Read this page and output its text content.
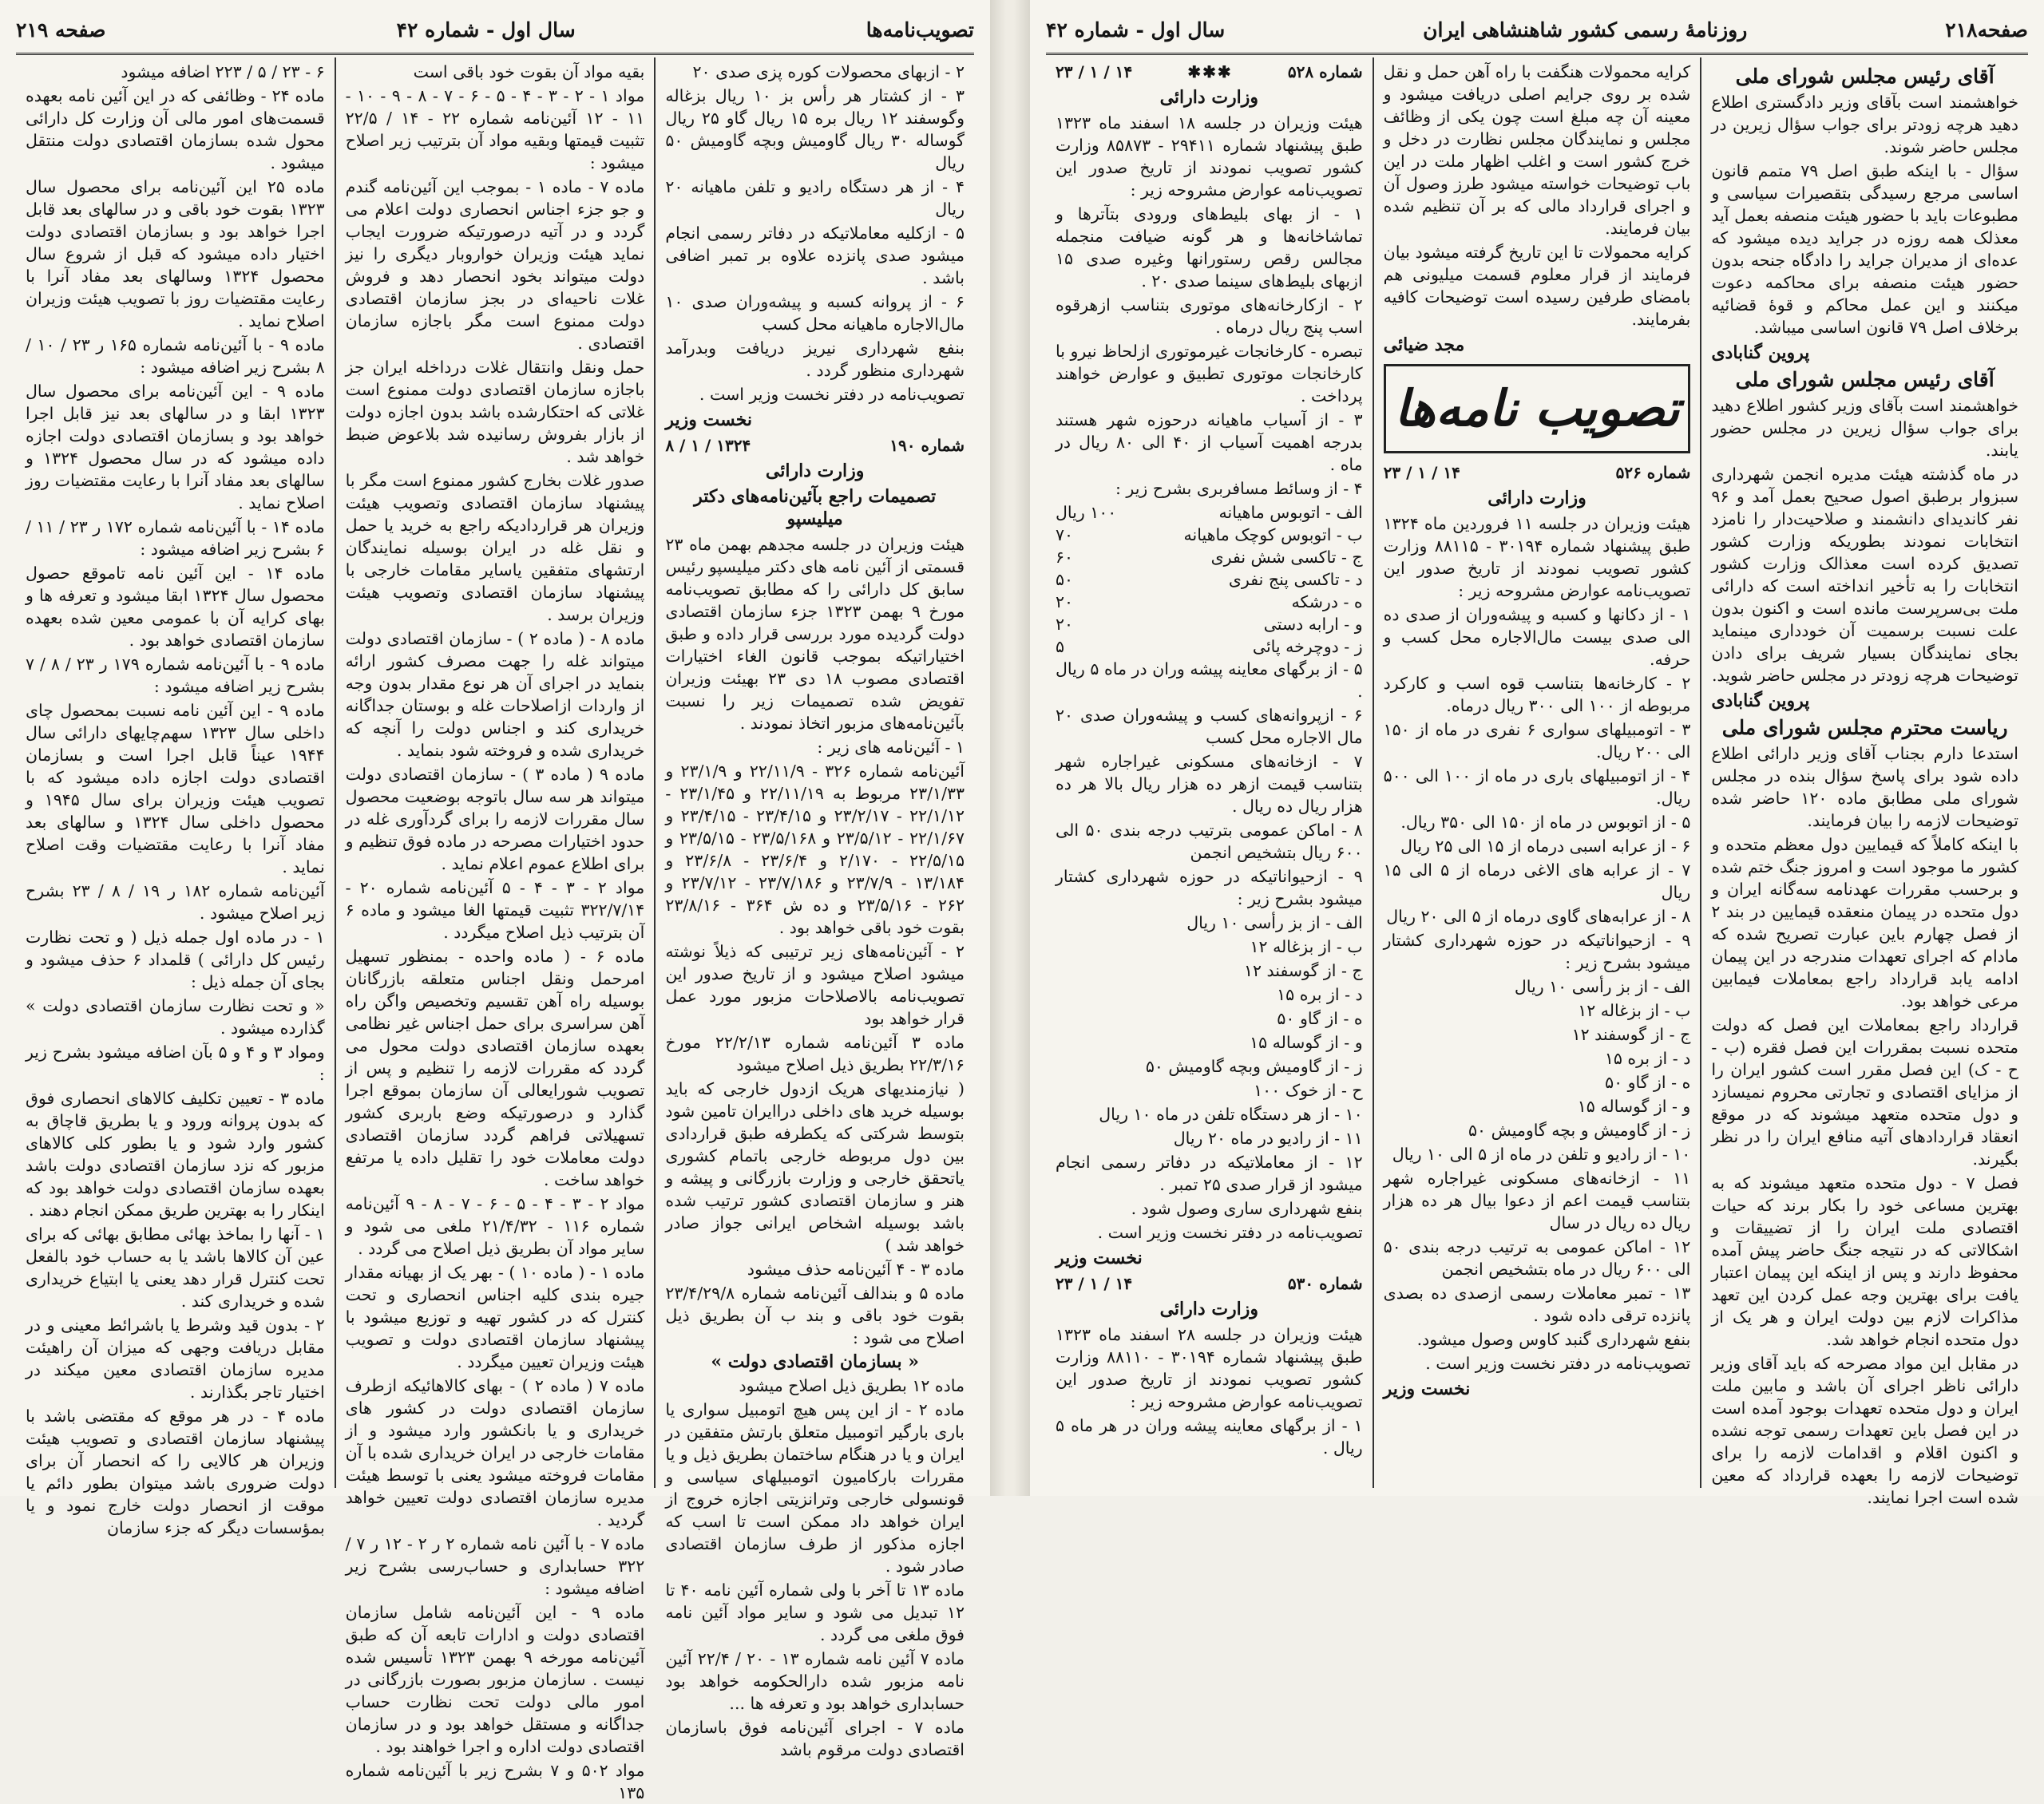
صفحه۲۱۸
روزنامهٔ رسمی کشور شاهنشاهی ایران
سال اول - شماره ۴۲
آقای رئیس مجلس شورای ملی

خواهشمند است بآقای وزیر دادگستری اطلاع دهید هرچه زودتر برای جواب سؤال زیرین در مجلس حاضر شوند.

سؤال - با اینکه طبق اصل ۷۹ متمم قانون اساسی مرجع رسیدگی بتقصیرات سیاسی و مطبوعات باید با حضور هیئت منصفه بعمل آید معذلک همه روزه در جراید دیده میشود که عده‌ای از مدیران جراید را دادگاه جنحه بدون حضور هیئت منصفه برای محاکمه دعوت میکنند و این عمل محاکم و قوهٔ قضائیه برخلاف اصل ۷۹ قانون اساسی میباشد.

پروین گنابادی
آقای رئیس مجلس شورای ملی

خواهشمند است بآقای وزیر کشور اطلاع دهید برای جواب سؤال زیرین در مجلس حضور یابند.

در ماه گذشته هیئت مدیره انجمن شهرداری سبزوار برطبق اصول صحیح بعمل آمد و ۹۶ نفر کاندیدای دانشمند و صلاحیت‌دار را نامزد انتخابات نمودند بطوریکه وزارت کشور تصدیق کرده است معذالک وزارت کشور انتخابات را به تأخیر انداخته است که دارائی ملت بی‌سرپرست مانده است و اکنون بدون علت نسبت برسمیت آن خودداری مینماید بجای نمایندگان بسیار شریف برای دادن توضیحات هرچه زودتر در مجلس حاضر شوید.

پروین گنابادی
ریاست محترم مجلس شورای ملی

استدعا دارم بجناب آقای وزیر دارائی اطلاع داده شود برای پاسخ سؤال بنده در مجلس شورای ملی مطابق ماده ۱۲۰ حاضر شده توضیحات لازمه را بیان فرمایند.

با اینکه کاملاً که قیمایین دول معظم متحده و کشور ما موجود است و امروز جنگ ختم شده و برحسب مقررات عهدنامه سه‌گانه ایران و دول متحده در پیمان منعقده قیمایین در بند ۲ از فصل چهارم باین عبارت تصریح شده که مادام که اجرای تعهدات مندرجه در این پیمان ادامه یابد قرارداد راجع بمعاملات فیمابین مرعی خواهد بود.

قرارداد راجع بمعاملات این فصل که دولت متحده نسبت بمقررات این فصل فقره (ب - ح - ک) این فصل مقرر است کشور ایران را از مزایای اقتصادی و تجارتی محروم نمیسازد و دول متحده متعهد میشوند که در موقع انعقاد قراردادهای آتیه منافع ایران را در نظر بگیرند.

فصل ۷ - دول متحده متعهد میشوند که به بهترین مساعی خود را بکار برند که حیات اقتصادی ملت ایران را از تضییقات و اشکالاتی که در نتیجه جنگ حاضر پیش آمده محفوظ دارند و پس از اینکه این پیمان اعتبار یافت برای بهترین وجه عمل کردن این تعهد مذاکرات لازم بین دولت ایران و هر یک از دول متحده انجام خواهد شد.

در مقابل این مواد مصرحه که باید آقای وزیر دارائی ناظر اجرای آن باشد و مابین ملت ایران و دول متحده تعهدات بوجود آمده است در این فصل باین تعهدات رسمی توجه نشده و اکنون اقلام و اقدامات لازمه را برای توضیحات لازمه را بعهده قرارداد که معین شده است اجرا نمایند.

کرایه محمولات هنگفت با راه آهن حمل و نقل شده بر روی جرایم اصلی دریافت میشود و معینه آن چه مبلغ است چون یکی از وظائف مجلس و نمایندگان مجلس نظارت در دخل و خرج کشور است و اغلب اظهار ملت در این باب توضیحات خواسته میشود طرز وصول آن و اجرای قرارداد مالی که بر آن تنظیم شده بیان فرمایند.

کرایه محمولات تا این تاریخ گرفته میشود بیان فرمایند از قرار معلوم قسمت میلیونی هم بامضای طرفین رسیده است توضیحات کافیه بفرمایند.

مجد ضیائی
تصویب نامه‌ها
شماره ۵۲۶
۱۴ / ۱ / ۲۳
وزارت دارائی

هیئت وزیران در جلسه ۱۱ فروردین ماه ۱۳۲۴ طبق پیشنهاد شماره ۳۰۱۹۴ - ۸۸۱۱۵ وزارت کشور تصویب نمودند از تاریخ صدور این تصویب‌نامه عوارض مشروحه زیر :

۱ - از دکانها و کسبه و پیشه‌وران از صدی ده الی صدی بیست مال‌الاجاره محل کسب و حرفه.

۲ - کارخانه‌ها بتناسب قوه اسب و کارکرد مربوطه از ۱۰۰ الی ۳۰۰ ریال درماه.

۳ - اتومبیلهای سواری ۶ نفری در ماه از ۱۵۰ الی ۲۰۰ ریال.

۴ - از اتومبیلهای باری در ماه از ۱۰۰ الی ۵۰۰ ریال.

۵ - از اتوبوس در ماه از ۱۵۰ الی ۳۵۰ ریال.

۶ - از عرابه اسبی درماه از ۱۵ الی ۲۵ ریال

۷ - از عرابه های الاغی درماه از ۵ الی ۱۵ ریال

۸ - از عرابه‌های گاوی درماه از ۵ الی ۲۰ ریال

۹ - ازحیواناتیکه در حوزه شهرداری کشتار میشود بشرح زیر :

الف - از بز رأسی ۱۰ ریال

ب - از بزغاله ۱۲

ج - از گوسفند ۱۲

د - از بره ۱۵

ه - از گاو ۵۰

و - از گوساله ۱۵

ز - از گاومیش و بچه گاومیش ۵۰

۱۰ - از رادیو و تلفن در ماه از ۵ الی ۱۰ ریال

۱۱ - ازخانه‌های مسکونی غیراجاره شهر بتناسب قیمت اعم از دعوا بیال هر ده هزار ریال ده ریال در سال

۱۲ - اماکن عمومی به ترتیب درجه بندی ۵۰ الی ۶۰۰ ریال در ماه بتشخیص انجمن

۱۳ - تمبر معاملات رسمی ازصدی ده بصدی پانزده ترقی داده شود .

بنفع شهرداری گنبد کاوس وصول میشود.

تصویب‌نامه در دفتر نخست وزیر است .

نخست وزیر
شماره ۵۲۸
✱✱✱
۱۴ / ۱ / ۲۳
وزارت دارائی

هیئت وزیران در جلسه ۱۸ اسفند ماه ۱۳۲۳ طبق پیشنهاد شماره ۲۹۴۱۱ - ۸۵۸۷۳ وزارت کشور تصویب نمودند از تاریخ صدور این تصویب‌نامه عوارض مشروحه زیر :

۱ - از بهای بلیط‌های ورودی بتآترها و تماشاخانه‌ها و هر گونه ضیافت منجمله مجالس رقص رستورانها وغیره صدی ۱۵ ازبهای بلیط‌های سینما صدی ۲۰ .

۲ - ازکارخانه‌های موتوری بتناسب ازهرقوه اسب پنج ریال درماه .

تبصره - کارخانجات غیرموتوری ازلحاظ نیرو با کارخانجات موتوری تطبیق و عوارض خواهند پرداخت .

۳ - از آسیاب ماهیانه درحوزه شهر هستند بدرجه اهمیت آسیاب از ۴۰ الی ۸۰ ریال در ماه .

۴ - از وسائط مسافربری بشرح زیر :

الف - اتوبوس ماهیانه
۱۰۰ ریال
ب - اتوبوس کوچک ماهیانه
۷۰
ج - تاکسی شش نفری
۶۰
د - تاکسی پنج نفری
۵۰
ه - درشکه
۲۰
و - ارابه دستی
۲۰
ز - دوچرخه پائی
۵

۵ - از برگهای معاینه پیشه وران در ماه ۵ ریال .

۶ - ازپروانه‌های کسب و پیشه‌وران صدی ۲۰ مال الاجاره محل کسب

۷ - ازخانه‌های مسکونی غیراجاره شهر بتناسب قیمت ازهر ده هزار ریال بالا هر ده هزار ریال ده ریال .

۸ - اماکن عمومی بترتیب درجه بندی ۵۰ الی ۶۰۰ ریال بتشخیص انجمن

۹ - ازحیواناتیکه در حوزه شهرداری کشتار میشود بشرح زیر :

الف - از بز رأسی ۱۰ ریال

ب - از بزغاله ۱۲

ج - از گوسفند ۱۲

د - از بره ۱۵

ه - از گاو ۵۰

و - از گوساله ۱۵

ز - از گاومیش وبچه گاومیش ۵۰

ح - از خوک ۱۰۰

۱۰ - از هر دستگاه تلفن در ماه ۱۰ ریال

۱۱ - از رادیو در ماه ۲۰ ریال

۱۲ - از معاملاتیکه در دفاتر رسمی انجام میشود از قرار صدی ۲۵ تمبر .

بنفع شهرداری ساری وصول شود .

تصویب‌نامه در دفتر نخست وزیر است .

نخست وزیر
شماره ۵۳۰
۱۴ / ۱ / ۲۳
وزارت دارائی

هیئت وزیران در جلسه ۲۸ اسفند ماه ۱۳۲۳ طبق پیشنهاد شماره ۳۰۱۹۴ - ۸۸۱۱۰ وزارت کشور تصویب نمودند از تاریخ صدور این تصویب‌نامه عوارض مشروحه زیر :

۱ - از برگهای معاینه پیشه وران در هر ماه ۵ ریال .

تصویب‌نامه‌ها
سال اول - شماره ۴۲
صفحه ۲۱۹

۲ - ازبهای محصولات کوره پزی صدی ۲۰

۳ - از کشتار هر رأس بز ۱۰ ریال بزغاله وگوسفند ۱۲ ریال بره ۱۵ ریال گاو ۲۵ ریال گوساله ۳۰ ریال گاومیش وبچه گاومیش ۵۰ ریال

۴ - از هر دستگاه رادیو و تلفن ماهیانه ۲۰ ریال

۵ - ازکلیه معاملاتیکه در دفاتر رسمی انجام میشود صدی پانزده علاوه بر تمبر اضافی باشد .

۶ - از پروانه کسبه و پیشه‌وران صدی ۱۰ مال‌الاجاره ماهیانه محل کسب

بنفع شهرداری نیریز دریافت وبدرآمد شهرداری منظور گردد .

تصویب‌نامه در دفتر نخست وزیر است .

نخست وزیر
شماره ۱۹۰
۱۳۲۴ / ۱ / ۸
وزارت دارائی
تصمیمات راجع بآئین‌نامه‌های دکتر میلیسپو

هیئت وزیران در جلسه مجدهم بهمن ماه ۲۳ قسمتی از آئین نامه های دکتر میلیسپو رئیس سابق کل دارائی را که مطابق تصویب‌نامه مورخ ۹ بهمن ۱۳۲۳ جزء سازمان اقتصادی دولت گردیده مورد بررسی قرار داده و طبق اختیاراتیکه بموجب قانون الغاء اختیارات اقتصادی مصوب ۱۸ دی ۲۳ بهیئت وزیران تفویض شده تصمیمات زیر را نسبت بآئین‌نامه‌های مزبور اتخاذ نمودند .

۱ - آئین‌نامه های زیر :

آئین‌نامه شماره ۳۲۶ - ۲۲/۱۱/۹ و ۲۳/۱/۹ و ۲۳/۱/۳۳ مربوط به ۲۲/۱۱/۱۹ و ۲۳/۱/۴۵ - ۲۲/۱/۱۲ - ۲۳/۲/۱۷ و ۲۳/۴/۱۵ - ۲۳/۴/۱۵ و ۲۲/۱/۶۷ - ۲۳/۵/۱۲ و ۲۳/۵/۱۶۸ - ۲۳/۵/۱۵ و ۲۲/۵/۱۵ - ۲/۱۷۰ و ۲۳/۶/۴ - ۲۳/۶/۸ و ۱۳/۱۸۴ - ۲۳/۷/۹ و ۲۳/۷/۱۸۶ - ۲۳/۷/۱۲ و ۲۶۲ - ۲۳/۵/۱۶ و ده ش ۳۶۴ - ۲۳/۸/۱۶ بقوت خود باقی خواهد بود .

۲ - آئین‌نامه‌های زیر ترتیبی که ذیلاً نوشته میشود اصلاح میشود و از تاریخ صدور این تصویب‌نامه بالاصلاحات مزبور مورد عمل قرار خواهد بود

ماده ۳ آئین‌نامه شماره ۲۲/۲/۱۳ مورخ ۲۲/۳/۱۶ بطریق ذیل اصلاح میشود

( نیازمندیهای هریک ازدول خارجی که باید بوسیله خرید های داخلی دراایران تامین شود بتوسط شرکتی که یکطرفه طبق قراردادی بین دول مربوطه خارجی باتمام کشوری یاتحقق خارجی و وزارت بازرگانی و پیشه و هنر و سازمان اقتصادی کشور ترتیب شده باشد بوسیله اشخاص ایرانی جواز صادر خواهد شد )

ماده ۳ - ۴ آئین‌نامه حذف میشود

ماده ۵ و بندالف آئین‌نامه شماره ۲۳/۴/۲۹/۸ بقوت خود باقی و بند ب آن بطریق ذیل اصلاح می شود :

« بسازمان اقتصادی دولت »

ماده ۱۲ بطریق ذیل اصلاح میشود

ماده ۲ - از این پس هیچ اتومبیل سواری یا باری بارگیر اتومبیل متعلق بارتش متفقین در ایران و یا در هنگام ساختمان بطریق ذیل و یا مقررات بارکامیون اتومبیلهای سیاسی و قونسولی خارجی وترانزیتی اجازه خروج از ایران خواهد داد ممکن است تا اسب که اجازه مذکور از طرف سازمان اقتصادی صادر شود .

ماده ۱۳ تا آخر با ولی شماره آئین نامه ۴۰ تا ۱۲ تبدیل می شود و سایر مواد آئین نامه فوق ملغی می گردد .

ماده ۷ آئین نامه شماره ۱۳ - ۲۰ / ۲۲/۴ آئین نامه مزبور شده دارالحکومه خواهد بود حسابداری خواهد بود و تعرفه ها ...

ماده ۷ - اجرای آئین‌نامه فوق باسازمان اقتصادی دولت مرقوم باشد

بقیه مواد آن بقوت خود باقی است

مواد ۱ - ۲ - ۳ - ۴ - ۵ - ۶ - ۷ - ۸ - ۹ - ۱۰ - ۱۱ - ۱۲ آئین‌نامه شماره ۲۲ - ۱۴ / ۲۲/۵ تثبیت قیمتها وبقیه مواد آن بترتیب زیر اصلاح میشود :

ماده ۷ - ماده ۱ - بموجب این آئین‌نامه گندم و جو جزء اجناس انحصاری دولت اعلام می گردد و در آتیه درصورتیکه ضرورت ایجاب نماید هیئت وزیران خواروبار دیگری را نیز دولت میتواند بخود انحصار دهد و فروش غلات ناحیه‌ای در بجز سازمان اقتصادی دولت ممنوع است مگر باجازه سازمان اقتصادی .

حمل ونقل وانتقال غلات درداخله ایران جز باجازه سازمان اقتصادی دولت ممنوع است غلاتی که احتکارشده باشد بدون اجازه دولت از بازار بفروش رسانیده شد بلاعوض ضبط خواهد شد .

صدور غلات بخارج کشور ممنوع است مگر با پیشنهاد سازمان اقتصادی وتصویب هیئت وزیران هر قراردادیکه راجع به خرید یا حمل و نقل غله در ایران بوسیله نمایندگان ارتشهای متفقین یاسایر مقامات خارجی با پیشنهاد سازمان اقتصادی وتصویب هیئت وزیران برسد .

ماده ۸ - ( ماده ۲ ) - سازمان اقتصادی دولت میتواند غله را جهت مصرف کشور ارائه بنماید در اجرای آن هر نوع مقدار بدون وجه از واردات ازاصلاحات غله و بوستان جداگانه خریداری کند و اجناس دولت را آنچه که خریداری شده و فروخته شود بنماید .

ماده ۹ ( ماده ۳ ) - سازمان اقتصادی دولت میتواند هر سه سال باتوجه بوضعیت محصول سال مقررات لازمه را برای گردآوری غله در حدود اختیارات مصرحه در ماده فوق تنظیم و برای اطلاع عموم اعلام نماید .

مواد ۲ - ۳ - ۴ - ۵ آئین‌نامه شماره ۲۰ - ۳۲۲/۷/۱۴ تثبیت قیمتها الغا میشود و ماده ۶ آن بترتیب ذیل اصلاح میگردد .

ماده ۶ - ( ماده واحده - بمنظور تسهیل امرحمل ونقل اجناس متعلقه بازرگانان بوسیله راه آهن تقسیم وتخصیص واگن راه آهن سراسری برای حمل اجناس غیر نظامی بعهده سازمان اقتصادی دولت محول می گردد که مقررات لازمه را تنظیم و پس از تصویب شورایعالی آن سازمان بموقع اجرا گذارد و درصورتیکه وضع باربری کشور تسهیلاتی فراهم گردد سازمان اقتصادی دولت معاملات خود را تقلیل داده یا مرتفع خواهد ساخت .

مواد ۲ - ۳ - ۴ - ۵ - ۶ - ۷ - ۸ - ۹ آئین‌نامه شماره ۱۱۶ - ۲۱/۴/۳۲ ملغی می شود و سایر مواد آن بطریق ذیل اصلاح می گردد .

ماده ۱ - ( ماده ۱۰ ) - بهر یک از بهیانه مقدار جیره بندی کلیه اجناس انحصاری و تحت کنترل که در کشور تهیه و توزیع میشود با پیشنهاد سازمان اقتصادی دولت و تصویب هیئت وزیران تعیین میگردد .

ماده ۷ ( ماده ۲ ) - بهای کالاهائیکه ازطرف سازمان اقتصادی دولت در کشور های خریداری و یا بانکشور وارد میشود و از مقامات خارجی در ایران خریداری شده با آن مقامات فروخته میشود یعنی با توسط هیئت مدیره سازمان اقتصادی دولت تعیین خواهد گردید .

ماده ۷ - با آئین نامه شماره ۲ ر ۲ - ۱۲ ر ۷ / ۳۲۲ حسابداری و حساب‌رسی بشرح زیر اضافه میشود :

ماده ۹ - این آئین‌نامه شامل سازمان اقتصادی دولت و ادارات تابعه آن که طبق آئین‌نامه مورخه ۹ بهمن ۱۳۲۳ تأسیس شده نیست . سازمان مزبور بصورت بازرگانی در امور مالی دولت تحت نظارت حساب جداگانه و مستقل خواهد بود و در سازمان اقتصادی دولت اداره و اجرا خواهند بود .

مواد ۵۰۲ و ۷ بشرح زیر با آئین‌نامه شماره ۱۳۵

۶ - ۲۳ / ۵ / ۲۲۳ اضافه میشود

ماده ۲۴ - وظائفی که در این آئین نامه بعهده قسمت‌های امور مالی آن وزارت کل دارائی محول شده بسازمان اقتصادی دولت منتقل میشود .

ماده ۲۵ این آئین‌نامه برای محصول سال ۱۳۲۳ بقوت خود باقی و در سالهای بعد قابل اجرا خواهد بود و بسازمان اقتصادی دولت اختیار داده میشود که قبل از شروع سال محصول ۱۳۲۴ وسالهای بعد مفاد آنرا با رعایت مقتضیات روز با تصویب هیئت وزیران اصلاح نماید .

ماده ۹ - با آئین‌نامه شماره ۱۶۵ ر ۲۳ / ۱۰ / ۸ بشرح زیر اضافه میشود :

ماده ۹ - این آئین‌نامه برای محصول سال ۱۳۲۳ ابقا و در سالهای بعد نیز قابل اجرا خواهد بود و بسازمان اقتصادی دولت اجازه داده میشود که در سال محصول ۱۳۲۴ و سالهای بعد مفاد آنرا با رعایت مقتضیات روز اصلاح نماید .

ماده ۱۴ - با آئین‌نامه شماره ۱۷۲ ر ۲۳ / ۱۱ / ۶ بشرح زیر اضافه میشود :

ماده ۱۴ - این آئین نامه تاموقع حصول محصول سال ۱۳۲۴ ابقا میشود و تعرفه ها و بهای کرایه آن با عمومی معین شده بعهده سازمان اقتصادی خواهد بود .

ماده ۹ - با آئین‌نامه شماره ۱۷۹ ر ۲۳ / ۸ / ۷ بشرح زیر اضافه میشود :

ماده ۹ - این آئین نامه نسبت بمحصول چای داخلی سال ۱۳۲۳ سهم‌چایهای دارائی سال ۱۹۴۴ عیناً قابل اجرا است و بسازمان اقتصادی دولت اجازه داده میشود که با تصویب هیئت وزیران برای سال ۱۹۴۵ و محصول داخلی سال ۱۳۲۴ و سالهای بعد مفاد آنرا با رعایت مقتضیات وقت اصلاح نماید .

آئین‌نامه شماره ۱۸۲ ر ۱۹ / ۸ / ۲۳ بشرح زیر اصلاح میشود .

۱ - در ماده اول جمله ذیل ( و تحت نظارت رئیس کل دارائی ) قلمداد ۶ حذف میشود و بجای آن جمله ذیل :

« و تحت نظارت سازمان اقتصادی دولت » گذارده میشود .

ومواد ۳ و ۴ و ۵ بآن اضافه میشود بشرح زیر :

ماده ۳ - تعیین تکلیف کالاهای انحصاری فوق که بدون پروانه ورود و یا بطریق قاچاق به کشور وارد شود و یا بطور کلی کالاهای مزبور که نزد سازمان اقتصادی دولت باشد بعهده سازمان اقتصادی دولت خواهد بود که اینکار را به بهترین طریق ممکن انجام دهند .

۱ - آنها را بماخذ بهائی مطابق بهائی که برای عین آن کالاها باشد یا به حساب خود بالفعل تحت کنترل قرار دهد یعنی یا ابتیاع خریداری شده و خریداری کند .

۲ - بدون قید وشرط یا باشرائط معینی و در مقابل دریافت وجهی که میزان آن راهیئت مدیره سازمان اقتصادی معین میکند در اختیار تاجر بگذارند .

ماده ۴ - در هر موقع که مقتضی باشد با پیشنهاد سازمان اقتصادی و تصویب هیئت وزیران هر کالایی را که انحصار آن برای دولت ضروری باشد میتوان بطور دائم یا موقت از انحصار دولت خارج نمود و یا بمؤسسات دیگر که جزء سازمان
